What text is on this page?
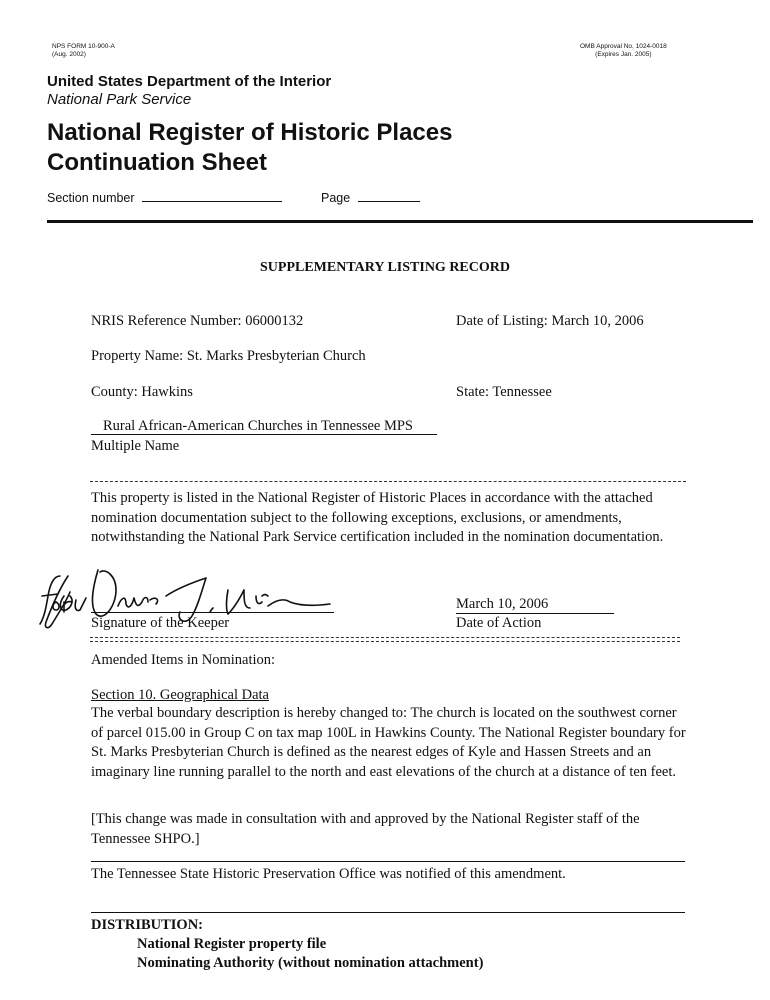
NPS FORM 10-900-A
(Aug. 2002)
OMB Approval No. 1024-0018
(Expires Jan. 2005)
United States Department of the Interior
National Park Service
National Register of Historic Places
Continuation Sheet
Section number	Page
SUPPLEMENTARY LISTING RECORD
NRIS Reference Number: 06000132	Date of Listing: March 10, 2006
Property Name: St. Marks Presbyterian Church
County: Hawkins	State: Tennessee
Rural African-American Churches in Tennessee MPS
Multiple Name
This property is listed in the National Register of Historic Places in accordance with the attached nomination documentation subject to the following exceptions, exclusions, or amendments, notwithstanding the National Park Service certification included in the nomination documentation.
Signature of the Keeper
March 10, 2006
Date of Action
Amended Items in Nomination:
Section 10. Geographical Data
The verbal boundary description is hereby changed to: The church is located on the southwest corner of parcel 015.00 in Group C on tax map 100L in Hawkins County. The National Register boundary for St. Marks Presbyterian Church is defined as the nearest edges of Kyle and Hassen Streets and an imaginary line running parallel to the north and east elevations of the church at a distance of ten feet.
[This change was made in consultation with and approved by the National Register staff of the Tennessee SHPO.]
The Tennessee State Historic Preservation Office was notified of this amendment.
DISTRIBUTION:
National Register property file
Nominating Authority (without nomination attachment)
